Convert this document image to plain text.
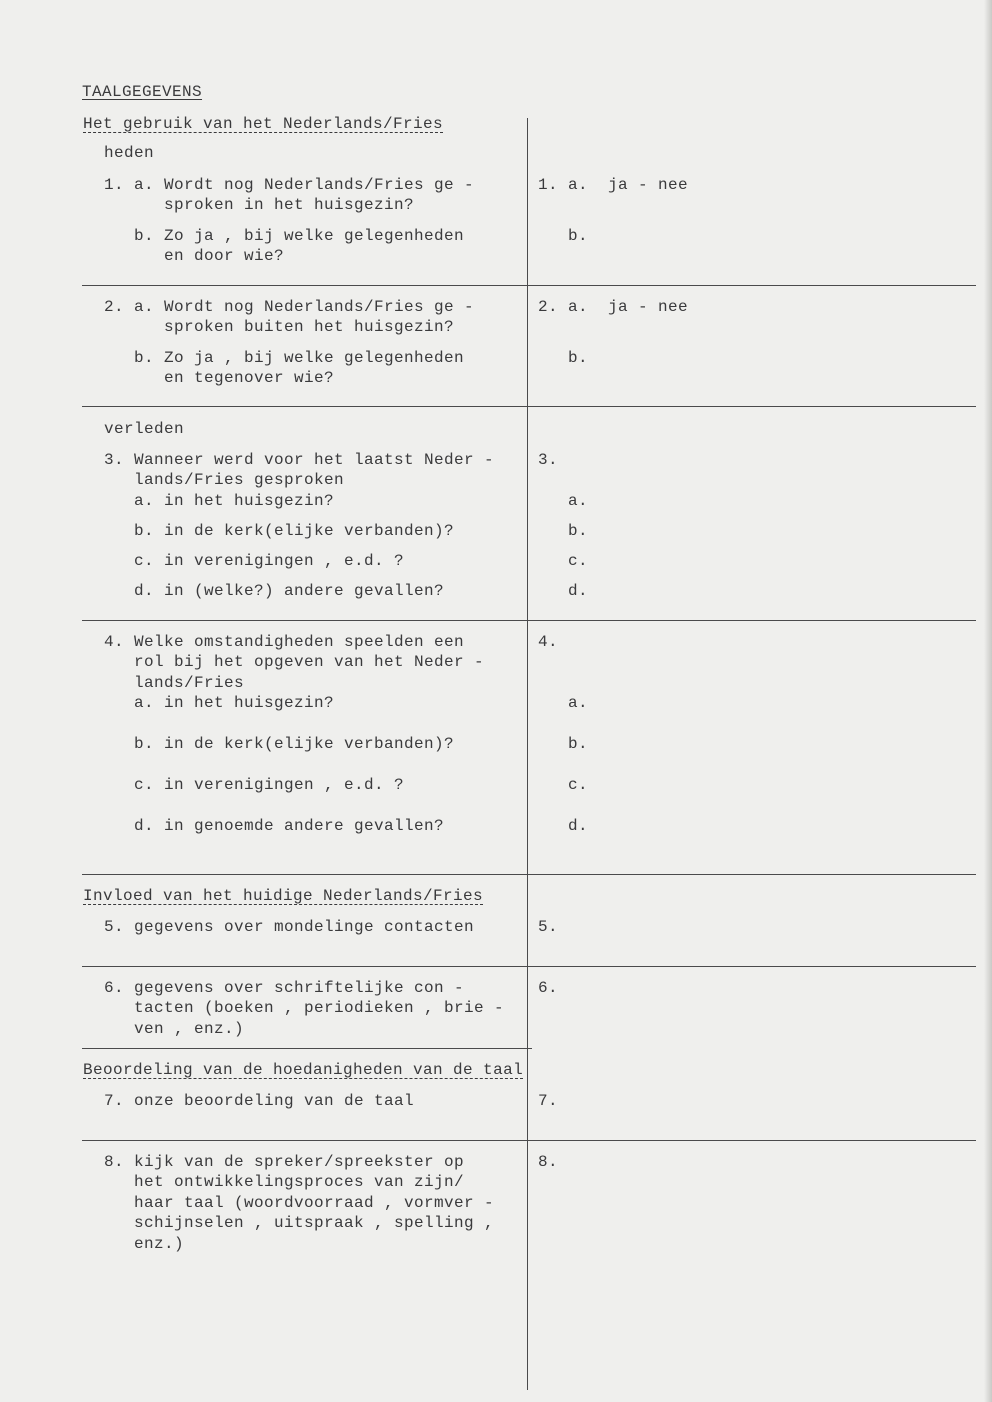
TAALGEGEVENS

Het gebruik van het Nederlands/Fries

heden

1. a. Wordt nog Nederlands/Fries ge -
sproken in het huisgezin?

b. Zo ja , bij welke gelegenheden
en door wie?

1. a.  ja - nee

b.

2. a. Wordt nog Nederlands/Fries ge -
sproken buiten het huisgezin?

b. Zo ja , bij welke gelegenheden
en tegenover wie?

2. a.  ja - nee

b.

verleden

3. Wanneer werd voor het laatst Neder -
lands/Fries gesproken

a. in het huisgezin?

b. in de kerk(elijke verbanden)?

c. in verenigingen , e.d. ?

d. in (welke?) andere gevallen?

3.

a.

b.

c.

d.

4. Welke omstandigheden speelden een
rol bij het opgeven van het Neder -
lands/Fries

a. in het huisgezin?

b. in de kerk(elijke verbanden)?

c. in verenigingen , e.d. ?

d. in genoemde andere gevallen?

4.

a.

b.

c.

d.

Invloed van het huidige Nederlands/Fries

5. gegevens over mondelinge contacten	5.

6. gegevens over schriftelijke con -
tacten (boeken , periodieken , brie -
ven , enz.)

6.

Beoordeling van de hoedanigheden van de taal

7. onze beoordeling van de taal	7.

8. kijk van de spreker/spreekster op
het ontwikkelingsproces van zijn/
haar taal (woordvoorraad , vormver -
schijnselen , uitspraak , spelling ,
enz.)

8.
